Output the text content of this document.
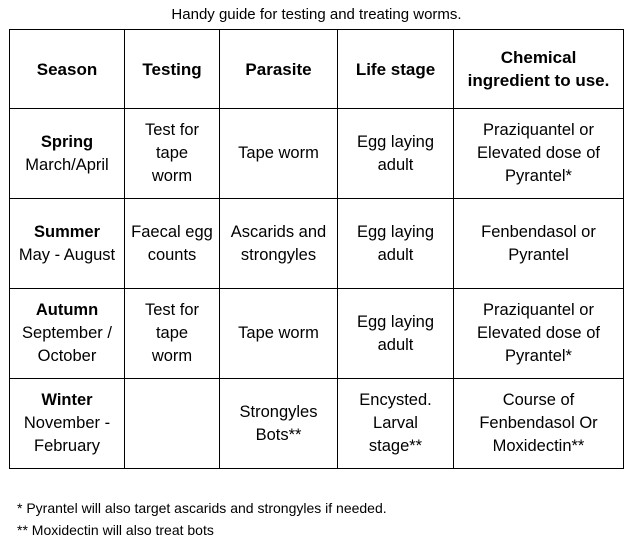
Handy guide for testing and treating worms.
Season	Testing	Parasite	Life stage	Chemical ingredient to use.

Spring
March/April	Test for tape worm	Tape worm	Egg laying adult	Praziquantel or Elevated dose of Pyrantel*

Summer
May - August	Faecal egg counts	Ascarids and strongyles	Egg laying adult	Fenbendasol or Pyrantel

Autumn
September / October	Test for tape worm	Tape worm	Egg laying adult	Praziquantel or Elevated dose of Pyrantel*

Winter
November - February		Strongyles Bots**	Encysted. Larval stage**	Course of Fenbendasol Or Moxidectin**
* Pyrantel will also target ascarids and strongyles if needed.
** Moxidectin will also treat bots
